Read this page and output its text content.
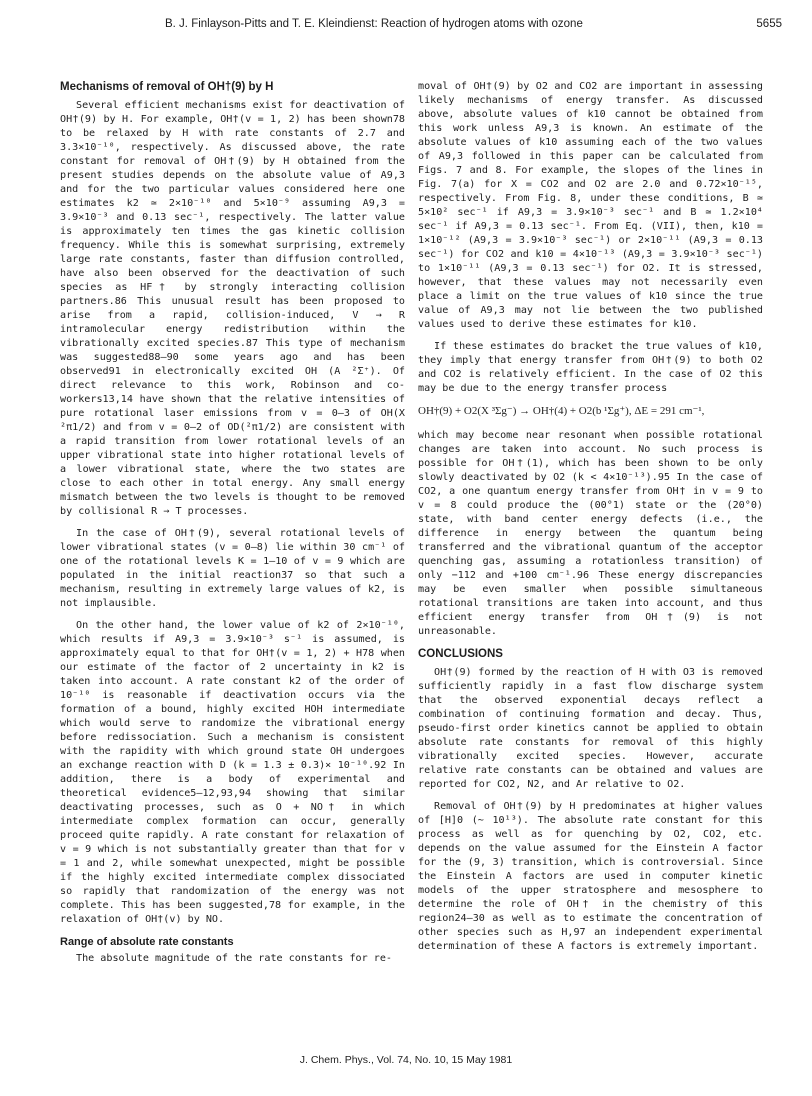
B. J. Finlayson-Pitts and T. E. Kleindienst: Reaction of hydrogen atoms with ozone	5655
Mechanisms of removal of OH†(9) by H

Several efficient mechanisms exist for deactivation of OH†(9) by H. For example, OH†(v = 1, 2) has been shown78 to be relaxed by H with rate constants of 2.7 and 3.3×10⁻¹⁰, respectively. As discussed above, the rate constant for removal of OH†(9) by H obtained from the present studies depends on the absolute value of A9,3 and for the two particular values considered here one estimates k2 ≃ 2×10⁻¹⁰ and 5×10⁻⁹ assuming A9,3 = 3.9×10⁻³ and 0.13 sec⁻¹, respectively. The latter value is approximately ten times the gas kinetic collision frequency. While this is somewhat surprising, extremely large rate constants, faster than diffusion controlled, have also been observed for the deactivation of such species as HF† by strongly interacting collision partners.86 This unusual result has been proposed to arise from a rapid, collision-induced, V → R intramolecular energy redistribution within the vibrationally excited species.87 This type of mechanism was suggested88–90 some years ago and has been observed91 in electronically excited OH (A ²Σ⁺). Of direct relevance to this work, Robinson and co-workers13,14 have shown that the relative intensities of pure rotational laser emissions from v = 0–3 of OH(X ²π1/2) and from v = 0–2 of OD(²π1/2) are consistent with a rapid transition from lower rotational levels of an upper vibrational state into higher rotational levels of a lower vibrational state, where the two states are close to each other in total energy. Any small energy mismatch between the two levels is thought to be removed by collisional R → T processes.

In the case of OH†(9), several rotational levels of lower vibrational states (v = 0–8) lie within 30 cm⁻¹ of one of the rotational levels K = 1–10 of v = 9 which are populated in the initial reaction37 so that such a mechanism, resulting in extremely large values of k2, is not implausible.

On the other hand, the lower value of k2 of 2×10⁻¹⁰, which results if A9,3 = 3.9×10⁻³ s⁻¹ is assumed, is approximately equal to that for OH†(v = 1, 2) + H78 when our estimate of the factor of 2 uncertainty in k2 is taken into account. A rate constant k2 of the order of 10⁻¹⁰ is reasonable if deactivation occurs via the formation of a bound, highly excited HOH intermediate which would serve to randomize the vibrational energy before redissociation. Such a mechanism is consistent with the rapidity with which ground state OH undergoes an exchange reaction with D (k = 1.3 ± 0.3)× 10⁻¹⁰.92 In addition, there is a body of experimental and theoretical evidence5–12,93,94 showing that similar deactivating processes, such as O + NO† in which intermediate complex formation can occur, generally proceed quite rapidly. A rate constant for relaxation of v = 9 which is not substantially greater than that for v = 1 and 2, while somewhat unexpected, might be possible if the highly excited intermediate complex dissociated so rapidly that randomization of the energy was not complete. This has been suggested,78 for example, in the relaxation of OH†(v) by NO.

Range of absolute rate constants

The absolute magnitude of the rate constants for re-

moval of OH†(9) by O2 and CO2 are important in assessing likely mechanisms of energy transfer. As discussed above, absolute values of k10 cannot be obtained from this work unless A9,3 is known. An estimate of the absolute values of k10 assuming each of the two values of A9,3 followed in this paper can be calculated from Figs. 7 and 8. For example, the slopes of the lines in Fig. 7(a) for X = CO2 and O2 are 2.0 and 0.72×10⁻¹⁵, respectively. From Fig. 8, under these conditions, B ≃ 5×10² sec⁻¹ if A9,3 = 3.9×10⁻³ sec⁻¹ and B ≃ 1.2×10⁴ sec⁻¹ if A9,3 = 0.13 sec⁻¹. From Eq. (VII), then, k10 = 1×10⁻¹² (A9,3 = 3.9×10⁻³ sec⁻¹) or 2×10⁻¹¹ (A9,3 = 0.13 sec⁻¹) for CO2 and k10 = 4×10⁻¹³ (A9,3 = 3.9×10⁻³ sec⁻¹) to 1×10⁻¹¹ (A9,3 = 0.13 sec⁻¹) for O2. It is stressed, however, that these values may not necessarily even place a limit on the true values of k10 since the true value of A9,3 may not lie between the two published values used to derive these estimates for k10.

If these estimates do bracket the true values of k10, they imply that energy transfer from OH†(9) to both O2 and CO2 is relatively efficient. In the case of O2 this may be due to the energy transfer process

OH†(9) + O2(X ³Σg⁻) → OH†(4) + O2(b ¹Σg⁺), ΔE = 291 cm⁻¹,

which may become near resonant when possible rotational changes are taken into account. No such process is possible for OH†(1), which has been shown to be only slowly deactivated by O2 (k < 4×10⁻¹³).95 In the case of CO2, a one quantum energy transfer from OH† in v = 9 to v = 8 could produce the (00°1) state or the (20°0) state, with band center energy defects (i.e., the difference in energy between the quantum being transferred and the vibrational quantum of the acceptor quenching gas, assuming a rotationless transition) of only −112 and +100 cm⁻¹.96 These energy discrepancies may be even smaller when possible simultaneous rotational transitions are taken into account, and thus efficient energy transfer from OH†(9) is not unreasonable.

CONCLUSIONS

OH†(9) formed by the reaction of H with O3 is removed sufficiently rapidly in a fast flow discharge system that the observed exponential decays reflect a combination of continuing formation and decay. Thus, pseudo-first order kinetics cannot be applied to obtain absolute rate constants for removal of this highly vibrationally excited species. However, accurate relative rate constants can be obtained and values are reported for CO2, N2, and Ar relative to O2.

Removal of OH†(9) by H predominates at higher values of [H]0 (∼ 10¹³). The absolute rate constant for this process as well as for quenching by O2, CO2, etc. depends on the value assumed for the Einstein A factor for the (9, 3) transition, which is controversial. Since the Einstein A factors are used in computer kinetic models of the upper stratosphere and mesosphere to determine the role of OH† in the chemistry of this region24–30 as well as to estimate the concentration of other species such as H,97 an independent experimental determination of these A factors is extremely important.

J. Chem. Phys., Vol. 74, No. 10, 15 May 1981
